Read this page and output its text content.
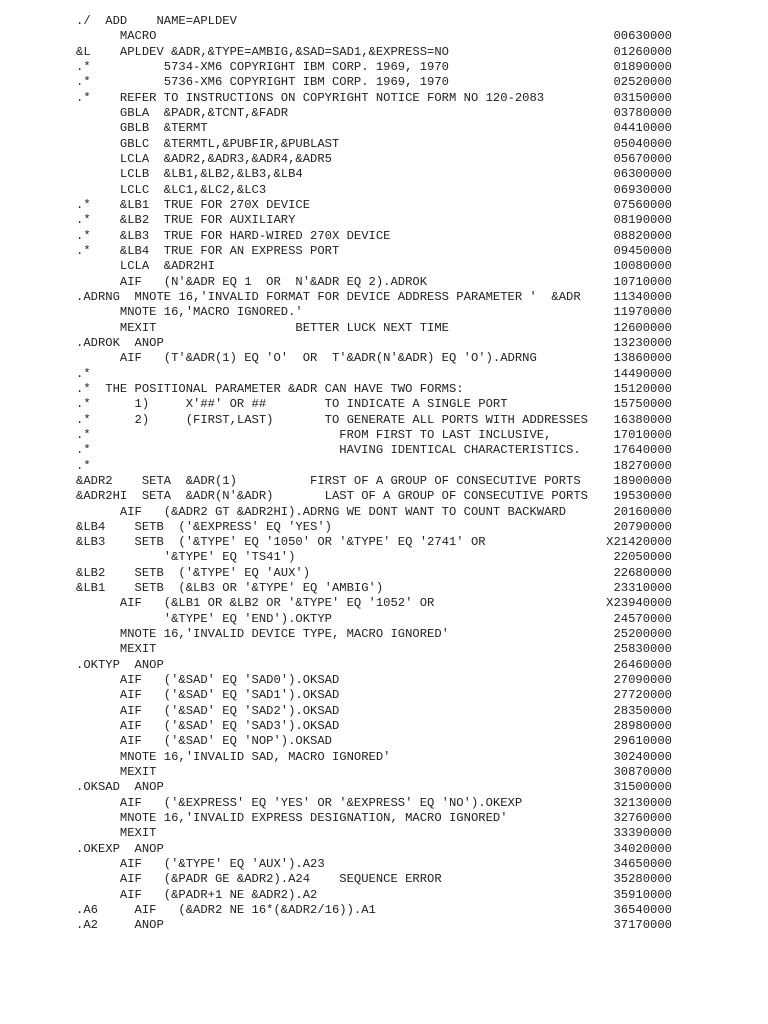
./  ADD    NAME=APLDEV
MACRO	00630000
&L    APLDEV &ADR,&TYPE=AMBIG,&SAD=SAD1,&EXPRESS=NO	01260000
.*          5734-XM6 COPYRIGHT IBM CORP. 1969, 1970	01890000
.*          5736-XM6 COPYRIGHT IBM CORP. 1969, 1970	02520000
.*    REFER TO INSTRUCTIONS ON COPYRIGHT NOTICE FORM NO 120-2083	03150000
GBLA  &PADR,&TCNT,&FADR	03780000
GBLB  &TERMT	04410000
GBLC  &TERMTL,&PUBFIR,&PUBLAST	05040000
LCLA  &ADR2,&ADR3,&ADR4,&ADR5	05670000
LCLB  &LB1,&LB2,&LB3,&LB4	06300000
LCLC  &LC1,&LC2,&LC3	06930000
.*    &LB1  TRUE FOR 270X DEVICE	07560000
.*    &LB2  TRUE FOR AUXILIARY	08190000
.*    &LB3  TRUE FOR HARD-WIRED 270X DEVICE	08820000
.*    &LB4  TRUE FOR AN EXPRESS PORT	09450000
LCLA  &ADR2HI	10080000
AIF   (N'&ADR EQ 1  OR  N'&ADR EQ 2).ADROK	10710000
.ADRNG  MNOTE 16,'INVALID FORMAT FOR DEVICE ADDRESS PARAMETER '  &ADR	11340000
MNOTE 16,'MACRO IGNORED.'	11970000
MEXIT                   BETTER LUCK NEXT TIME	12600000
.ADROK  ANOP	13230000
AIF   (T'&ADR(1) EQ 'O'  OR  T'&ADR(N'&ADR) EQ 'O').ADRNG	13860000
.*	14490000
.*  THE POSITIONAL PARAMETER &ADR CAN HAVE TWO FORMS:	15120000
.*      1)     X'##' OR ##        TO INDICATE A SINGLE PORT	15750000
.*      2)     (FIRST,LAST)       TO GENERATE ALL PORTS WITH ADDRESSES 16380000
.*                                  FROM FIRST TO LAST INCLUSIVE,	17010000
.*                                  HAVING IDENTICAL CHARACTERISTICS.	17640000
.*	18270000
&ADR2    SETA  &ADR(1)          FIRST OF A GROUP OF CONSECUTIVE PORTS	18900000
&ADR2HI  SETA  &ADR(N'&ADR)       LAST OF A GROUP OF CONSECUTIVE PORTS 19530000
AIF   (&ADR2 GT &ADR2HI).ADRNG WE DONT WANT TO COUNT BACKWARD	20160000
&LB4    SETB  ('&EXPRESS' EQ 'YES')	20790000
&LB3    SETB  ('&TYPE' EQ '1050' OR '&TYPE' EQ '2741' OR	X21420000
'&TYPE' EQ 'TS41')	22050000
&LB2    SETB  ('&TYPE' EQ 'AUX')	22680000
&LB1    SETB  (&LB3 OR '&TYPE' EQ 'AMBIG')	23310000
AIF   (&LB1 OR &LB2 OR '&TYPE' EQ '1052' OR	X23940000
'&TYPE' EQ 'END').OKTYP	24570000
MNOTE 16,'INVALID DEVICE TYPE, MACRO IGNORED'	25200000
MEXIT	25830000
.OKTYP  ANOP	26460000
AIF   ('&SAD' EQ 'SAD0').OKSAD	27090000
AIF   ('&SAD' EQ 'SAD1').OKSAD	27720000
AIF   ('&SAD' EQ 'SAD2').OKSAD	28350000
AIF   ('&SAD' EQ 'SAD3').OKSAD	28980000
AIF   ('&SAD' EQ 'NOP').OKSAD	29610000
MNOTE 16,'INVALID SAD, MACRO IGNORED'	30240000
MEXIT	30870000
.OKSAD  ANOP	31500000
AIF   ('&EXPRESS' EQ 'YES' OR '&EXPRESS' EQ 'NO').OKEXP	32130000
MNOTE 16,'INVALID EXPRESS DESIGNATION, MACRO IGNORED'	32760000
MEXIT	33390000
.OKEXP  ANOP	34020000
AIF   ('&TYPE' EQ 'AUX').A23	34650000
AIF   (&PADR GE &ADR2).A24    SEQUENCE ERROR	35280000
AIF   (&PADR+1 NE &ADR2).A2	35910000
.A6     AIF   (&ADR2 NE 16*(&ADR2/16)).A1	36540000
.A2     ANOP	37170000
